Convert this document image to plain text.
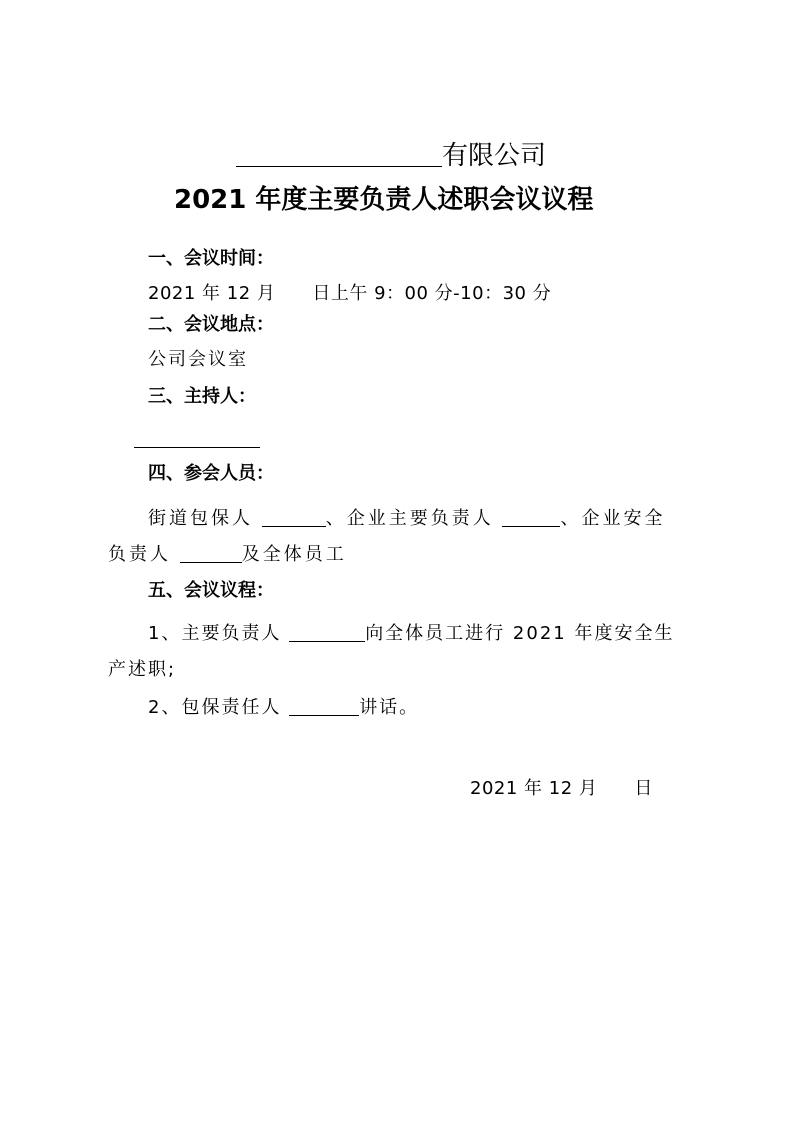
有限公司
2021 年度主要负责人述职会议议程
一、会议时间：
2021 年 12 月　　日上午 9：00 分-10：30 分
二、会议地点：
公司会议室
三、主持人：
四、参会人员：
街道包保人	、企业主要负责人	、企业安全
负责人	及全体员工
五、会议议程：
1、主要负责人	向全体员工进行 2021 年度安全生
产述职;
2、包保责任人	讲话。
2021 年 12 月　　日
